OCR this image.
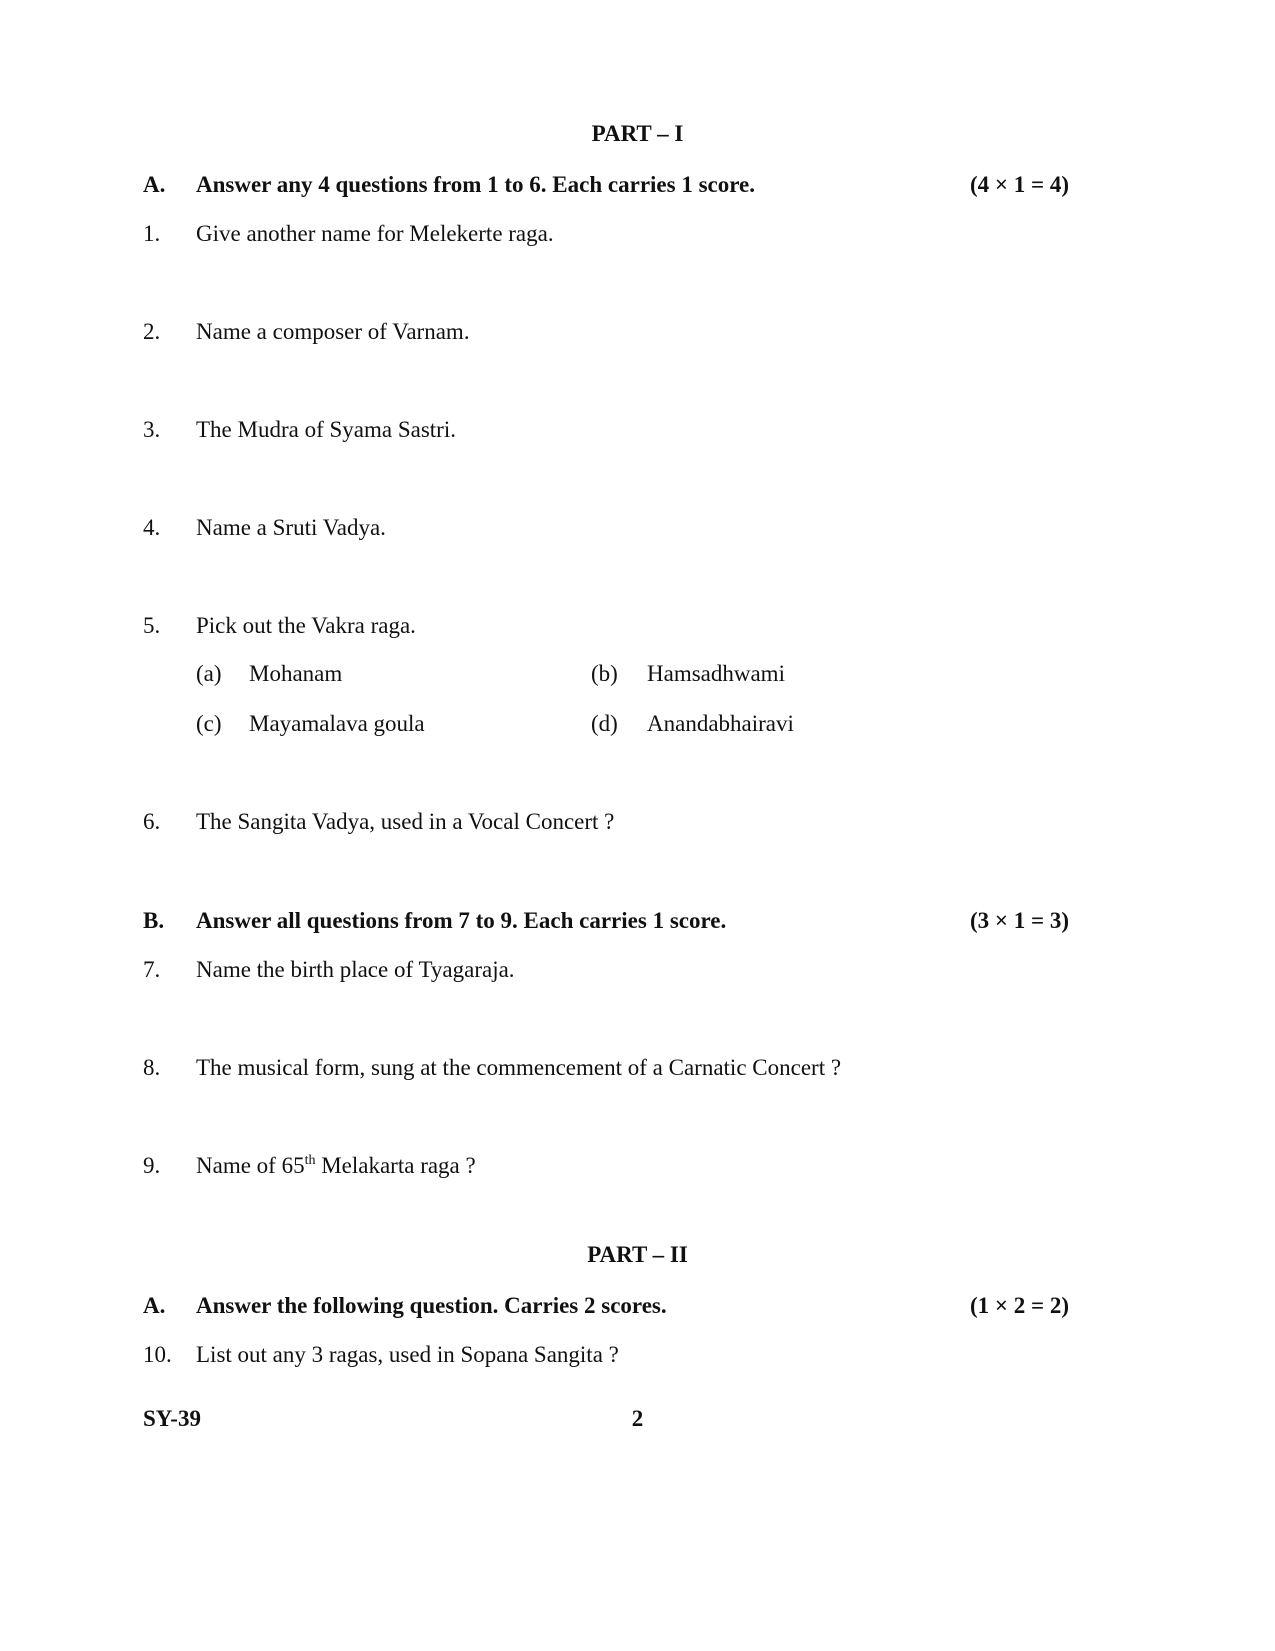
PART – I
A. Answer any 4 questions from 1 to 6. Each carries 1 score.	(4 × 1 = 4)
1. Give another name for Melekerte raga.
2. Name a composer of Varnam.
3. The Mudra of Syama Sastri.
4. Name a Sruti Vadya.
5. Pick out the Vakra raga.
(a) Mohanam	(b) Hamsadhwami
(c) Mayamalava goula	(d) Anandabhairavi
6. The Sangita Vadya, used in a Vocal Concert ?
B. Answer all questions from 7 to 9. Each carries 1 score.	(3 × 1 = 3)
7. Name the birth place of Tyagaraja.
8. The musical form, sung at the commencement of a Carnatic Concert ?
9. Name of 65th Melakarta raga ?
PART – II
A. Answer the following question. Carries 2 scores.	(1 × 2 = 2)
10. List out any 3 ragas, used in Sopana Sangita ?
SY-39	2
